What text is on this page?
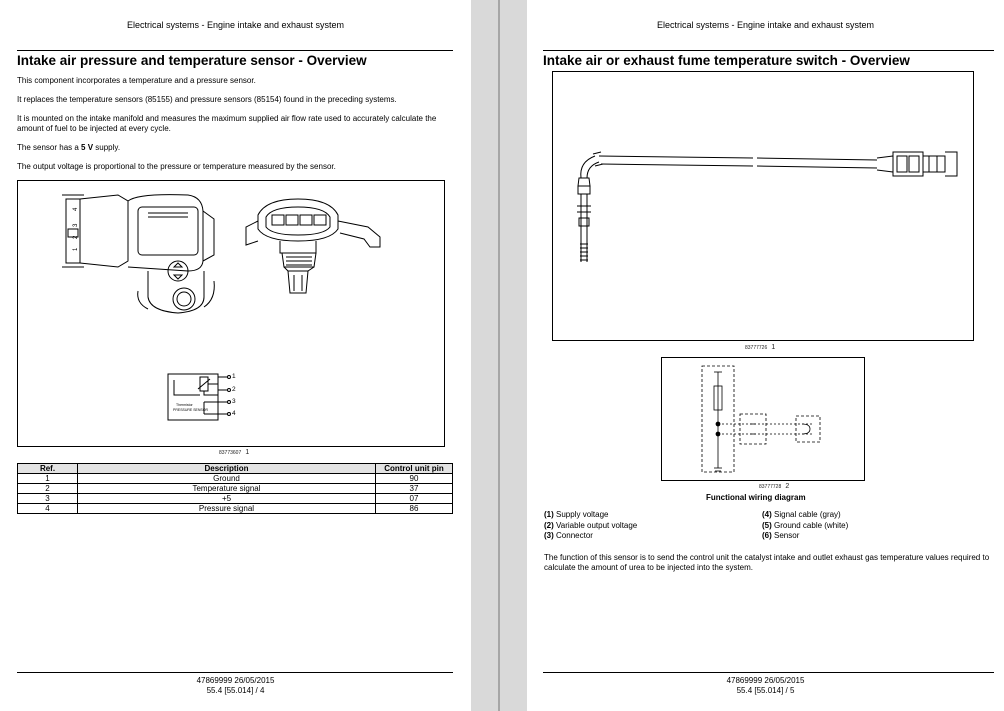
Electrical systems - Engine intake and exhaust system
Intake air pressure and temperature sensor - Overview
This component incorporates a temperature and a pressure sensor.
It replaces the temperature sensors (85155) and pressure sensors (85154) found in the preceding systems.
It is mounted on the intake manifold and measures the maximum supplied air flow rate used to accurately calculate the amount of fuel to be injected at every cycle.
The sensor has a 5 V supply.
The output voltage is proportional to the pressure or temperature measured by the sensor.
4
3
2
1
1
2
3
4
Thermistor
PRESSURE SENSOR
83773607 1
Ref.	Description	Control unit pin
1	Ground	90
2	Temperature signal	37
3	+5	07
4	Pressure signal	86
47869999 26/05/2015
55.4 [55.014] / 4
Electrical systems - Engine intake and exhaust system
Intake air or exhaust fume temperature switch - Overview
83777726 1
83777728 2
Functional wiring diagram
(1) Supply voltage
(2) Variable output voltage
(3) Connector
(4) Signal cable (gray)
(5) Ground cable (white)
(6) Sensor
The function of this sensor is to send the control unit the catalyst intake and outlet exhaust gas temperature values required to calculate the amount of urea to be injected into the system.
47869999 26/05/2015
55.4 [55.014] / 5
